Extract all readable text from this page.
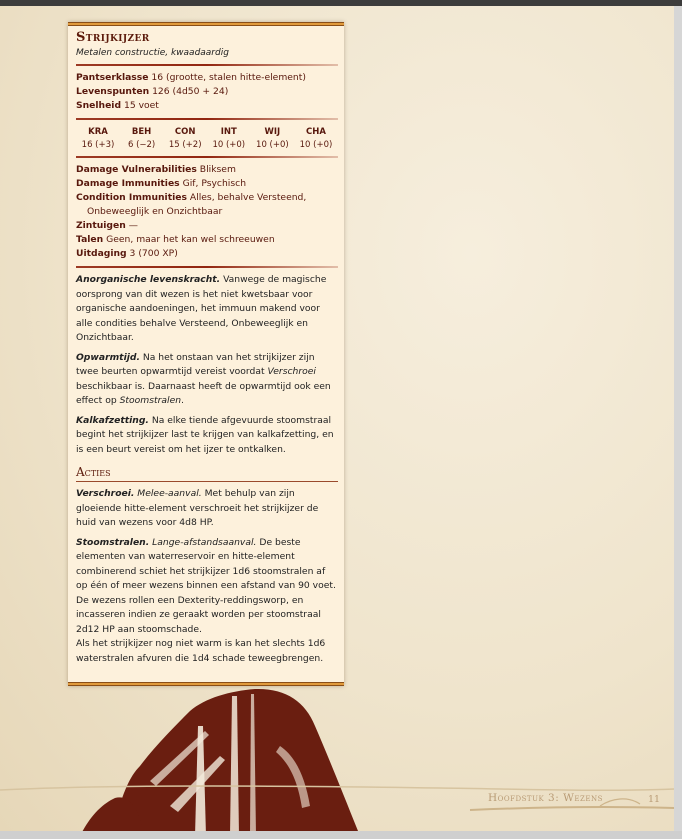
Strijkijzer
Metalen constructie, kwaadaardig
Pantserklasse 16 (grootte, stalen hitte-element)
Levenspunten 126 (4d50 + 24)
Snelheid 15 voet
KRA
16 (+3)
BEH
6 (−2)
CON
15 (+2)
INT
10 (+0)
WIJ
10 (+0)
CHA
10 (+0)
Damage Vulnerabilities Bliksem
Damage Immunities Gif, Psychisch
Condition Immunities Alles, behalve Versteend, Onbeweeglijk en Onzichtbaar
Zintuigen —
Talen Geen, maar het kan wel schreeuwen
Uitdaging 3 (700 XP)
Anorganische levenskracht. Vanwege de magische oorsprong van dit wezen is het niet kwetsbaar voor organische aandoeningen, het immuun makend voor alle condities behalve Versteend, Onbeweeglijk en Onzichtbaar.
Opwarmtijd. Na het onstaan van het strijkijzer zijn twee beurten opwarmtijd vereist voordat Verschroei beschikbaar is. Daarnaast heeft de opwarmtijd ook een effect op Stoomstralen.
Kalkafzetting. Na elke tiende afgevuurde stoomstraal begint het strijkijzer last te krijgen van kalkafzetting, en is een beurt vereist om het ijzer te ontkalken.
Acties
Verschroei. Melee-aanval. Met behulp van zijn gloeiende hitte-element verschroeit het strijkijzer de huid van wezens voor 4d8 HP.
Stoomstralen. Lange-afstandsaanval. De beste elementen van waterreservoir en hitte-element combinerend schiet het strijkijzer 1d6 stoomstralen af op één of meer wezens binnen een afstand van 90 voet. De wezens rollen een Dexterity-reddingsworp, en incasseren indien ze geraakt worden per stoomstraal 2d12 HP aan stoomschade.
Als het strijkijzer nog niet warm is kan het slechts 1d6 waterstralen afvuren die 1d4 schade teweegbrengen.
Hoofdstuk 3: Wezens	11
